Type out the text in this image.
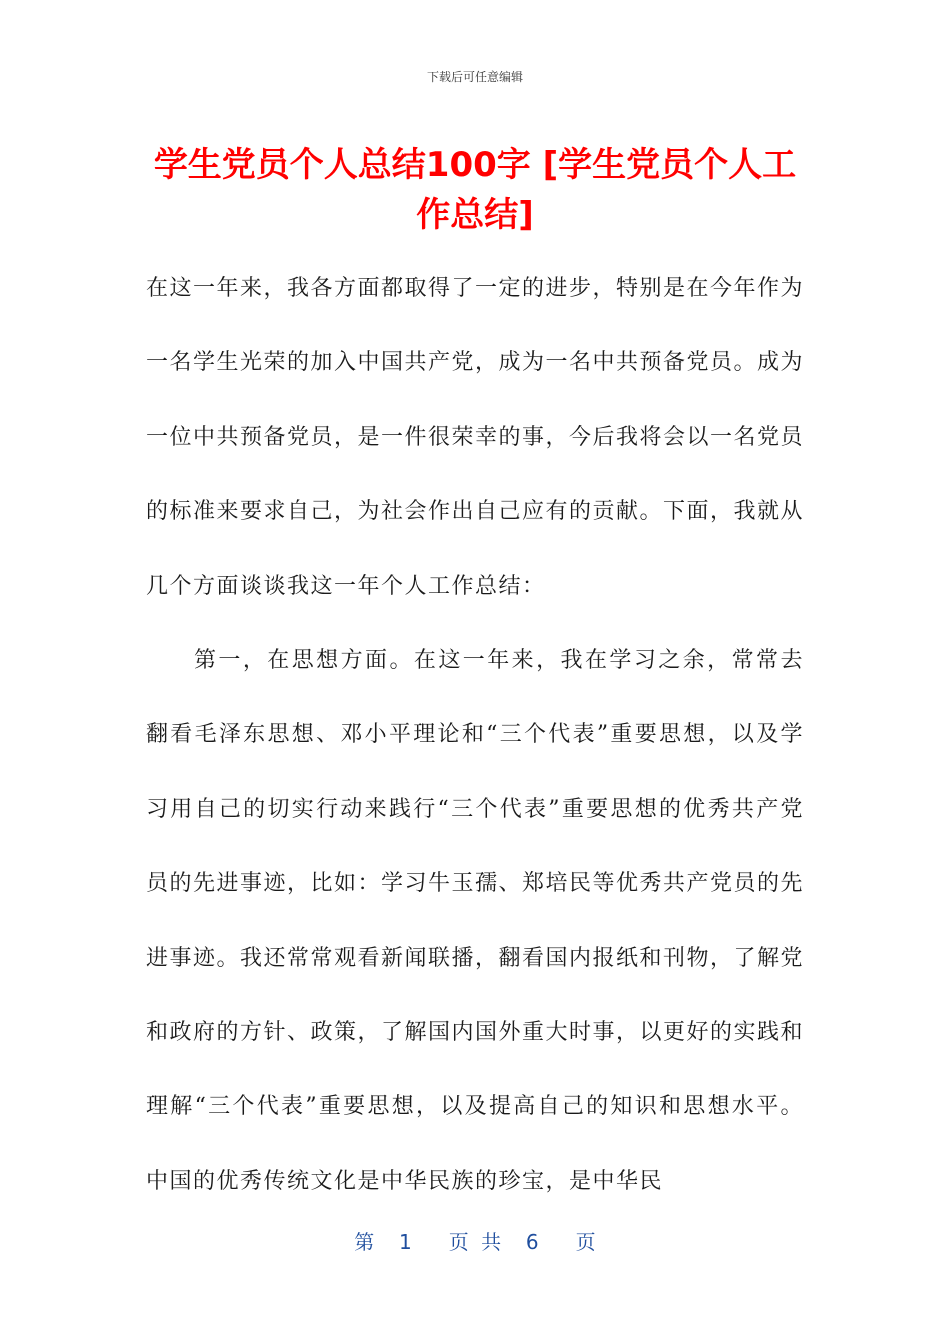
下载后可任意编辑
学生党员个人总结100字 [学生党员个人工作总结]

在这一年来，我各方面都取得了一定的进步，特别是在今年作为一名学生光荣的加入中国共产党，成为一名中共预备党员。成为一位中共预备党员，是一件很荣幸的事，今后我将会以一名党员的标准来要求自己，为社会作出自己应有的贡献。下面，我就从几个方面谈谈我这一年个人工作总结：

第一，在思想方面。在这一年来，我在学习之余，常常去翻看毛泽东思想、邓小平理论和“三个代表”重要思想，以及学习用自己的切实行动来践行“三个代表”重要思想的优秀共产党员的先进事迹，比如：学习牛玉孺、郑培民等优秀共产党员的先进事迹。我还常常观看新闻联播，翻看国内报纸和刊物，了解党和政府的方针、政策，了解国内国外重大时事，以更好的实践和理解“三个代表”重要思想，以及提高自己的知识和思想水平。中国的优秀传统文化是中华民族的珍宝，是中华民

第  1   页 共  6   页
